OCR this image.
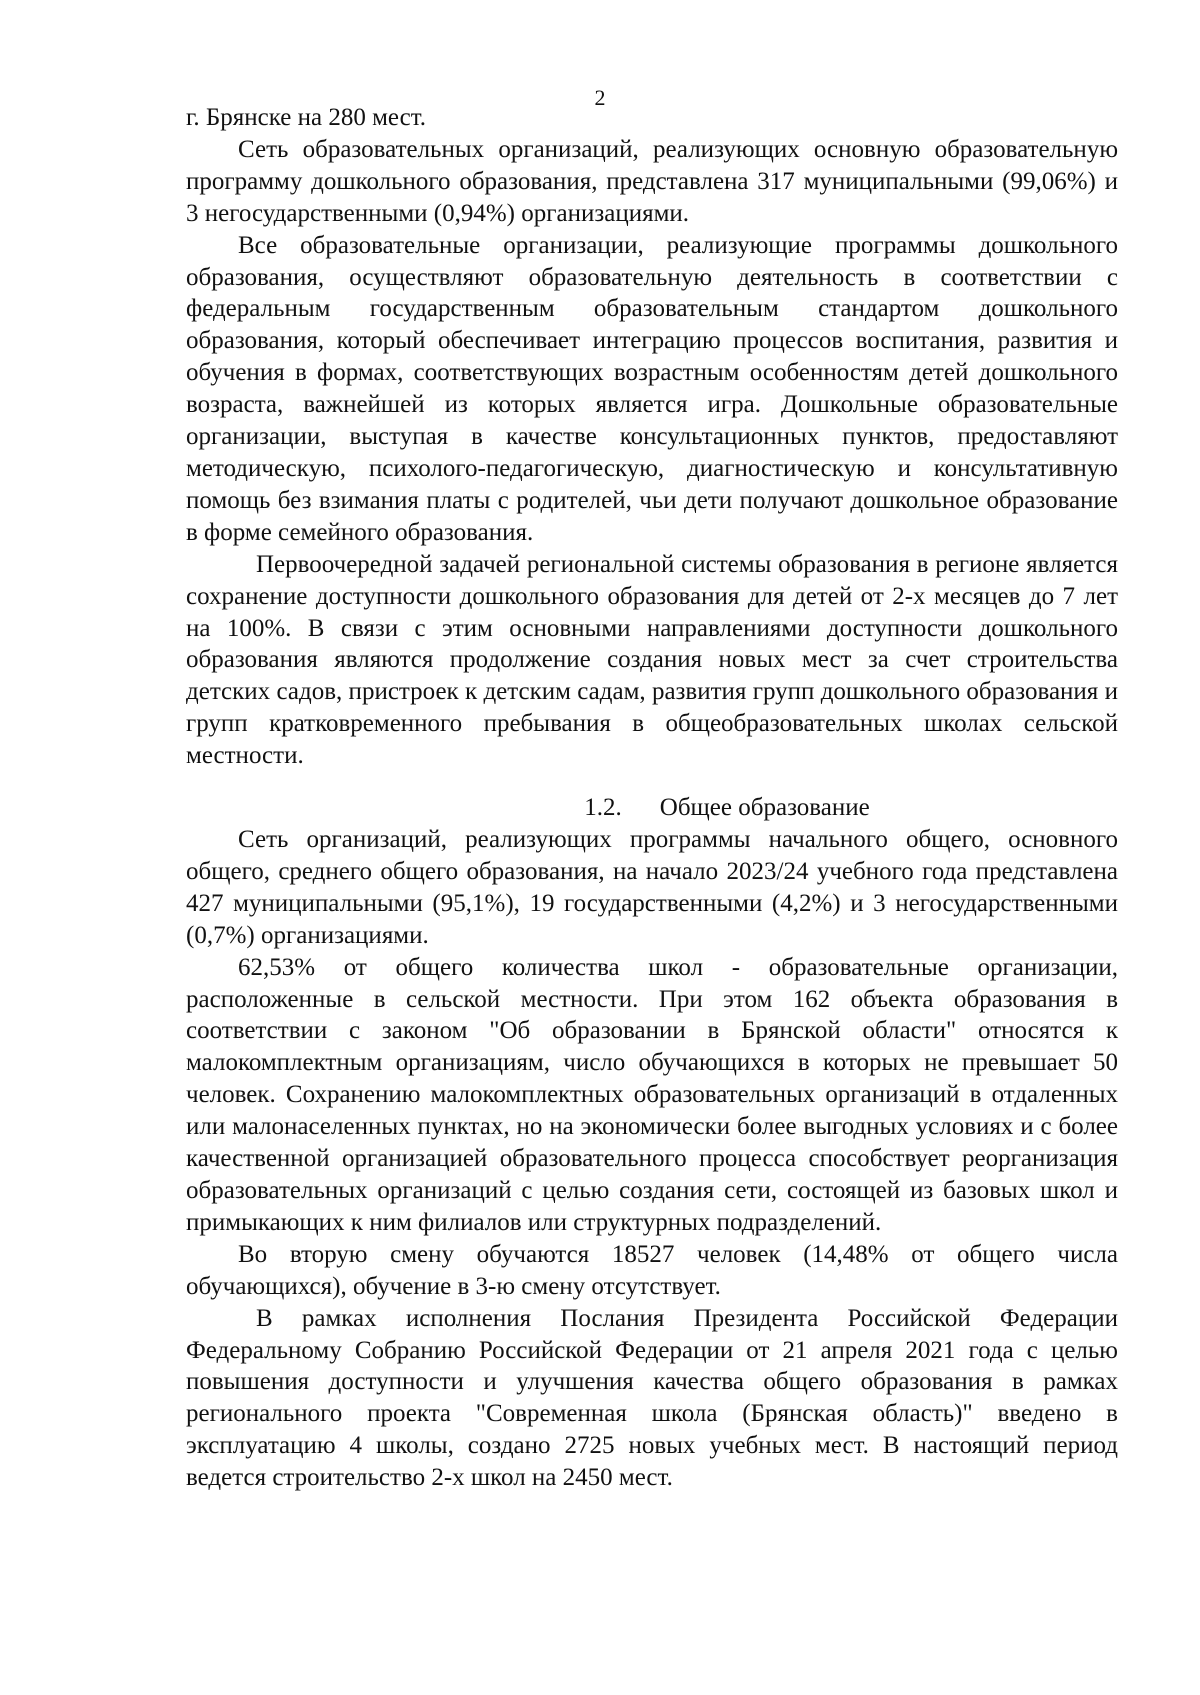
2

г. Брянске на 280 мест.

Сеть образовательных организаций, реализующих основную образовательную программу дошкольного образования, представлена 317 муниципальными (99,06%) и 3 негосударственными (0,94%) организациями.

Все образовательные организации, реализующие программы дошкольного образования, осуществляют образовательную деятельность в соответствии с федеральным государственным образовательным стандартом дошкольного образования, который обеспечивает интеграцию процессов воспитания, развития и обучения в формах, соответствующих возрастным особенностям детей дошкольного возраста, важнейшей из которых является игра. Дошкольные образовательные организации, выступая в качестве консультационных пунктов, предоставляют методическую, психолого-педагогическую, диагностическую и консультативную помощь без взимания платы с родителей, чьи дети получают дошкольное образование в форме семейного образования.

Первоочередной задачей региональной системы образования в регионе является сохранение доступности дошкольного образования для детей от 2-х месяцев до 7 лет на 100%. В связи с этим основными направлениями доступности дошкольного образования являются продолжение создания новых мест за счет строительства детских садов, пристроек к детским садам, развития групп дошкольного образования и групп кратковременного пребывания в общеобразовательных школах сельской местности.

1.2. Общее образование

Сеть организаций, реализующих программы начального общего, основного общего, среднего общего образования, на начало 2023/24 учебного года представлена 427 муниципальными (95,1%), 19 государственными (4,2%) и 3 негосударственными (0,7%) организациями.

62,53% от общего количества школ - образовательные организации, расположенные в сельской местности. При этом 162 объекта образования в соответствии с законом "Об образовании в Брянской области" относятся к малокомплектным организациям, число обучающихся в которых не превышает 50 человек. Сохранению малокомплектных образовательных организаций в отдаленных или малонаселенных пунктах, но на экономически более выгодных условиях и с более качественной организацией образовательного процесса способствует реорганизация образовательных организаций с целью создания сети, состоящей из базовых школ и примыкающих к ним филиалов или структурных подразделений.

Во вторую смену обучаются 18527 человек (14,48% от общего числа обучающихся), обучение в 3-ю смену отсутствует.

В рамках исполнения Послания Президента Российской Федерации Федеральному Собранию Российской Федерации от 21 апреля 2021 года с целью повышения доступности и улучшения качества общего образования в рамках регионального проекта "Современная школа (Брянская область)" введено в эксплуатацию 4 школы, создано 2725 новых учебных мест. В настоящий период ведется строительство 2-х школ на 2450 мест.
